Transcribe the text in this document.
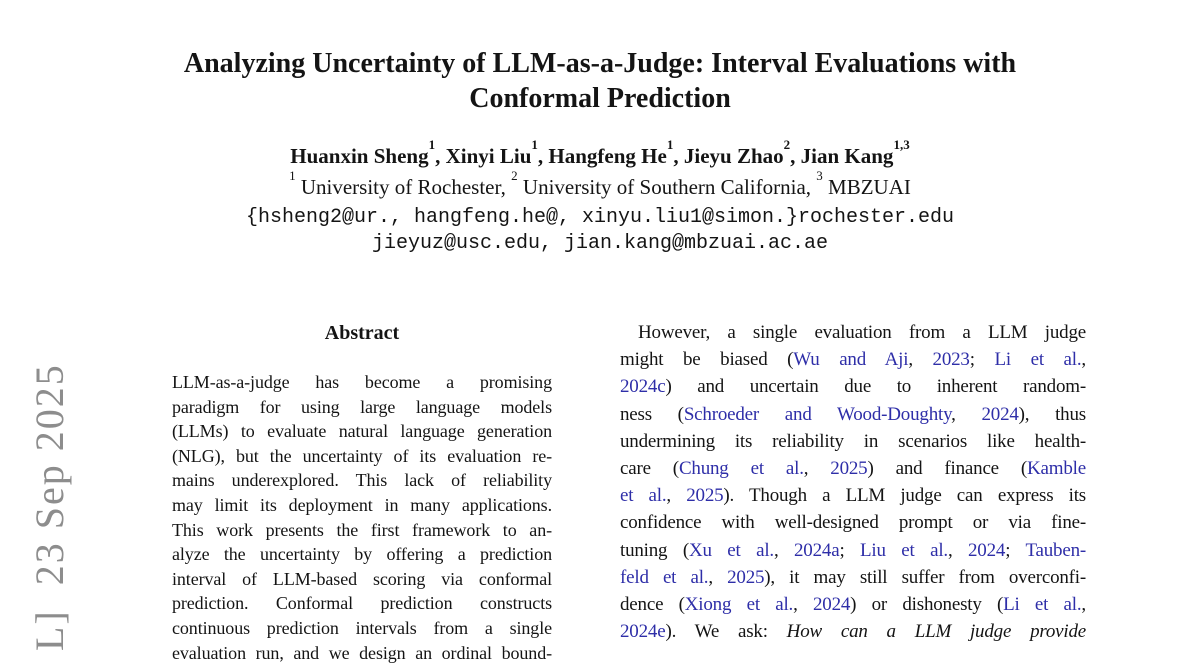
L]  23 Sep 2025
Analyzing Uncertainty of LLM-as-a-Judge: Interval Evaluations with
Conformal Prediction
Huanxin Sheng$^1$, Xinyi Liu$^1$, Hangfeng He$^1$, Jieyu Zhao$^2$, Jian Kang$^{1,3}$
$^1$ University of Rochester, $^2$ University of Southern California, $^3$ MBZUAI
{hsheng2@ur., hangfeng.he@, xinyu.liu1@simon.}rochester.edu
jieyuz@usc.edu, jian.kang@mbzuai.ac.ae
Abstract
LLM-as-a-judge has become a promising
paradigm for using large language models
(LLMs) to evaluate natural language generation
(NLG), but the uncertainty of its evaluation re-
mains underexplored. This lack of reliability
may limit its deployment in many applications.
This work presents the first framework to an-
alyze the uncertainty by offering a prediction
interval of LLM-based scoring via conformal
prediction. Conformal prediction constructs
continuous prediction intervals from a single
evaluation run, and we design an ordinal bound-
However, a single evaluation from a LLM judge
might be biased (Wu and Aji, 2023; Li et al.,
2024c) and uncertain due to inherent random-
ness (Schroeder and Wood-Doughty, 2024), thus
undermining its reliability in scenarios like health-
care (Chung et al., 2025) and finance (Kamble
et al., 2025). Though a LLM judge can express its
confidence with well-designed prompt or via fine-
tuning (Xu et al., 2024a; Liu et al., 2024; Tauben-
feld et al., 2025), it may still suffer from overconfi-
dence (Xiong et al., 2024) or dishonesty (Li et al.,
2024e). We ask: How can a LLM judge provide
